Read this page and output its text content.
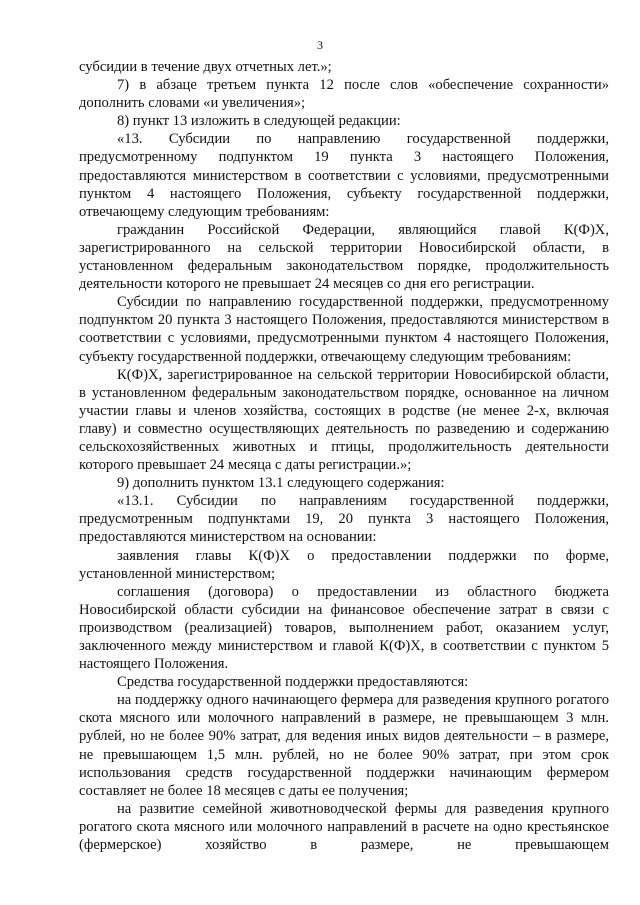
3

субсидии в течение двух отчетных лет.»;

7) в абзаце третьем пункта 12 после слов «обеспечение сохранности» дополнить словами «и увеличения»;

8) пункт 13 изложить в следующей редакции:

«13. Субсидии по направлению государственной поддержки, предусмотренному подпунктом 19 пункта 3 настоящего Положения, предоставляются министерством в соответствии с условиями, предусмотренными пунктом 4 настоящего Положения, субъекту государственной поддержки, отвечающему следующим требованиям:

гражданин Российской Федерации, являющийся главой К(Ф)Х, зарегистрированного на сельской территории Новосибирской области, в установленном федеральным законодательством порядке, продолжительность деятельности которого не превышает 24 месяцев со дня его регистрации.

Субсидии по направлению государственной поддержки, предусмотренному подпунктом 20 пункта 3 настоящего Положения, предоставляются министерством в соответствии с условиями, предусмотренными пунктом 4 настоящего Положения, субъекту государственной поддержки, отвечающему следующим требованиям:

К(Ф)Х, зарегистрированное на сельской территории Новосибирской области, в установленном федеральным законодательством порядке, основанное на личном участии главы и членов хозяйства, состоящих в родстве (не менее 2-х, включая главу) и совместно осуществляющих деятельность по разведению и содержанию сельскохозяйственных животных и птицы, продолжительность деятельности которого превышает 24 месяца с даты регистрации.»;

9) дополнить пунктом 13.1 следующего содержания:

«13.1. Субсидии по направлениям государственной поддержки, предусмотренным подпунктами 19, 20 пункта 3 настоящего Положения, предоставляются министерством на основании:

заявления главы К(Ф)Х о предоставлении поддержки по форме, установленной министерством;

соглашения (договора) о предоставлении из областного бюджета Новосибирской области субсидии на финансовое обеспечение затрат в связи с производством (реализацией) товаров, выполнением работ, оказанием услуг, заключенного между министерством и главой К(Ф)Х, в соответствии с пунктом 5 настоящего Положения.

Средства государственной поддержки предоставляются:

на поддержку одного начинающего фермера для разведения крупного рогатого скота мясного или молочного направлений в размере, не превышающем 3 млн. рублей, но не более 90% затрат, для ведения иных видов деятельности – в размере, не превышающем 1,5 млн. рублей, но не более 90% затрат, при этом срок использования средств государственной поддержки начинающим фермером составляет не более 18 месяцев с даты ее получения;

на развитие семейной животноводческой фермы для разведения крупного рогатого скота мясного или молочного направлений в расчете на одно крестьянское (фермерское) хозяйство в размере, не превышающем
